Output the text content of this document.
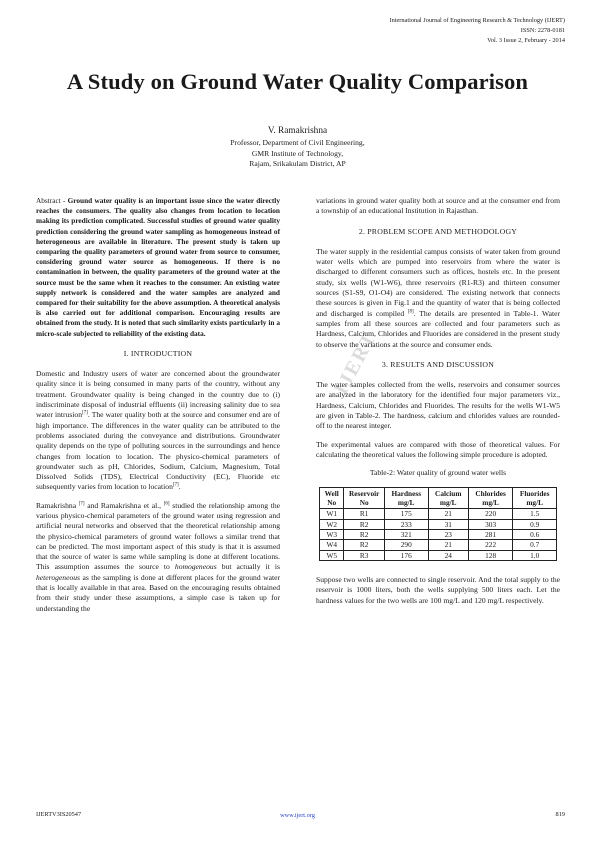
International Journal of Engineering Research & Technology (IJERT)
ISSN: 2278-0181
Vol. 3 Issue 2, February - 2014
A Study on Ground Water Quality Comparison
V. Ramakrishna
Professor, Department of Civil Engineering,
GMR Institute of Technology,
Rajam, Srikakulam District, AP
IJERT

Abstract - Ground water quality is an important issue since the water directly reaches the consumers. The quality also changes from location to location making its prediction complicated. Successful studies of ground water quality prediction considering the ground water sampling as homogeneous instead of heterogeneous are available in literature. The present study is taken up comparing the quality parameters of ground water from source to consumer, considering ground water source as homogeneous. If there is no contamination in between, the quality parameters of the ground water at the source must be the same when it reaches to the consumer. An existing water supply network is considered and the water samples are analyzed and compared for their suitability for the above assumption. A theoretical analysis is also carried out for additional comparison. Encouraging results are obtained from the study. It is noted that such similarity exists particularly in a micro-scale subjected to reliability of the existing data.

I. INTRODUCTION

Domestic and Industry users of water are concerned about the groundwater quality since it is being consumed in many parts of the country, without any treatment. Groundwater quality is being changed in the country due to (i) indiscriminate disposal of industrial effluents (ii) increasing salinity due to sea water intrusion[7]. The water quality both at the source and consumer end are of high importance. The differences in the water quality can be attributed to the problems associated during the conveyance and distributions. Groundwater quality depends on the type of polluting sources in the surroundings and hence changes from location to location. The physico-chemical parameters of groundwater such as pH, Chlorides, Sodium, Calcium, Magnesium, Total Dissolved Solids (TDS), Electrical Conductivity (EC), Fluoride etc subsequently varies from location to location[7].

Ramakrishna [7] and Ramakrishna et al., [6] studied the relationship among the various physico-chemical parameters of the ground water using regression and artificial neural networks and observed that the theoretical relationship among the physico-chemical parameters of ground water follows a similar trend that can be predicted. The most important aspect of this study is that it is assumed that the source of water is same while sampling is done at different locations. This assumption assumes the source to homogeneous but actually it is heterogeneous as the sampling is done at different places for the ground water that is locally available in that area. Based on the encouraging results obtained from their study under these assumptions, a simple case is taken up for understanding the

variations in ground water quality both at source and at the consumer end from a township of an educational Institution in Rajasthan.

2. PROBLEM SCOPE AND METHODOLOGY

The water supply in the residential campus consists of water taken from ground water wells which are pumped into reservoirs from where the water is discharged to different consumers such as offices, hostels etc. In the present study, six wells (W1-W6), three reservoirs (R1-R3) and thirteen consumer sources (S1-S9, O1-O4) are considered. The existing network that connects these sources is given in Fig.1 and the quantity of water that is being collected and discharged is compiled [8]. The details are presented in Table-1. Water samples from all these sources are collected and four parameters such as Hardness, Calcium, Chlorides and Fluorides are considered in the present study to observe the variations at the source and consumer ends.

3. RESULTS AND DISCUSSION

The water samples collected from the wells, reservoirs and consumer sources are analyzed in the laboratory for the identified four major parameters viz., Hardness, Calcium, Chlorides and Fluorides. The results for the wells W1-W5 are given in Table-2. The hardness, calcium and chlorides values are rounded-off to the nearest integer.

The experimental values are compared with those of theoretical values. For calculating the theoretical values the following simple procedure is adopted.

Table-2: Water quality of ground water wells
Well No	Reservoir No	Hardness mg/L	Calcium mg/L	Chlorides mg/L	Fluorides mg/L
W1	R1	175	21	220	1.5
W2	R2	233	31	303	0.9
W3	R2	321	23	281	0.6
W4	R2	290	21	222	0.7
W5	R3	176	24	128	1.0

Suppose two wells are connected to single reservoir. And the total supply to the reservoir is 1000 liters, both the wells supplying 500 liters each. Let the hardness values for the two wells are 100 mg/L and 120 mg/L respectively.

IJERTV3IS20547	www.ijert.org	819
